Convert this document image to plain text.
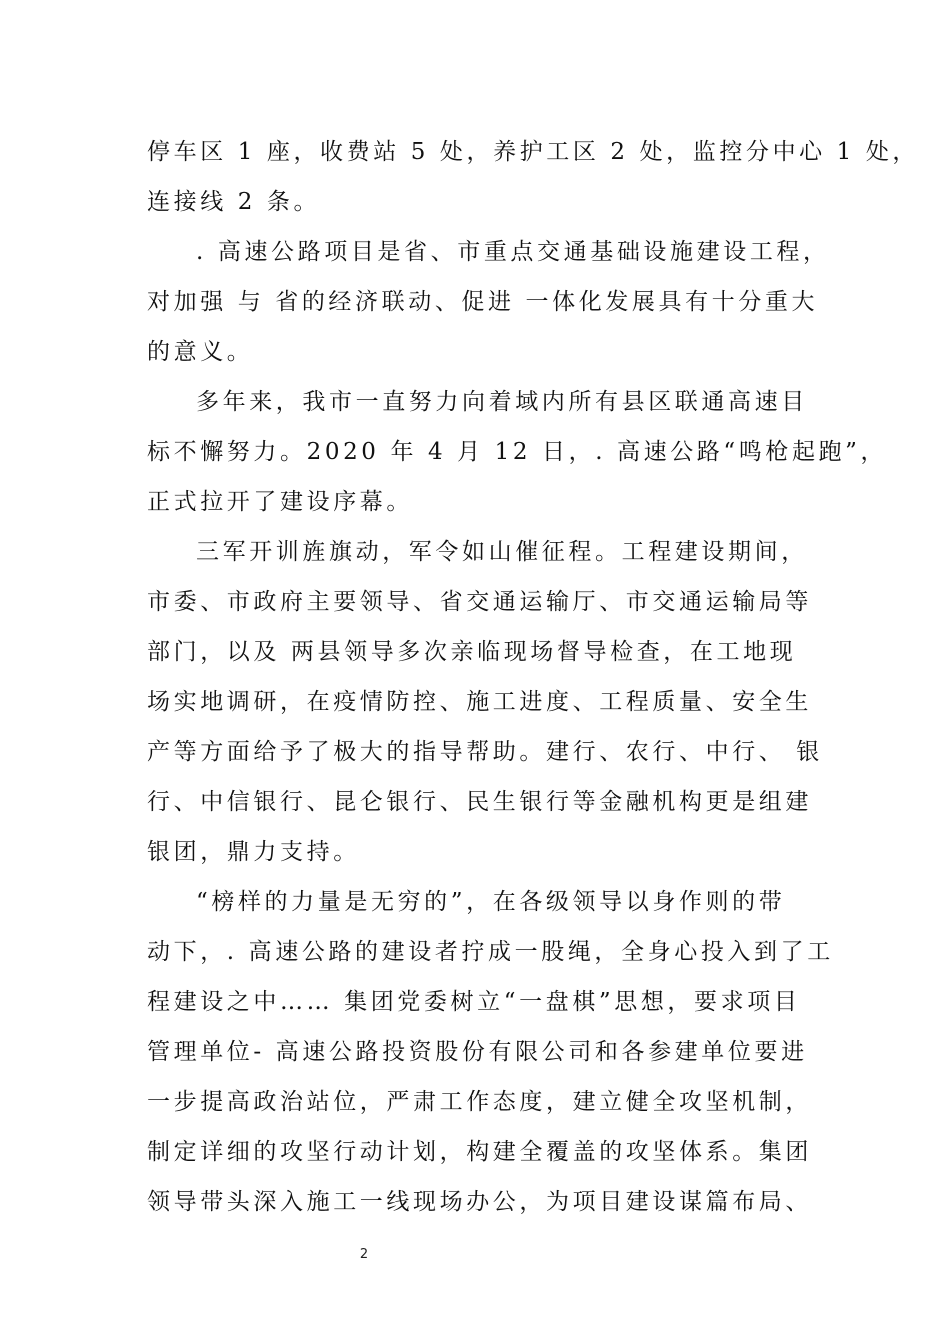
停车区 1 座，收费站 5 处，养护工区 2 处，监控分中心 1 处，
连接线 2 条。
. 高速公路项目是省、市重点交通基础设施建设工程，
对加强 与 省的经济联动、促进 一体化发展具有十分重大
的意义。
多年来，我市一直努力向着域内所有县区联通高速目
标不懈努力。2020 年 4 月 12 日，. 高速公路“鸣枪起跑”，
正式拉开了建设序幕。
三军开训旌旗动，军令如山催征程。工程建设期间，
市委、市政府主要领导、省交通运输厅、市交通运输局等
部门，以及 两县领导多次亲临现场督导检查，在工地现
场实地调研，在疫情防控、施工进度、工程质量、安全生
产等方面给予了极大的指导帮助。建行、农行、中行、 银
行、中信银行、昆仑银行、民生银行等金融机构更是组建
银团，鼎力支持。
“榜样的力量是无穷的”，在各级领导以身作则的带
动下，. 高速公路的建设者拧成一股绳，全身心投入到了工
程建设之中…… 集团党委树立“一盘棋”思想，要求项目
管理单位- 高速公路投资股份有限公司和各参建单位要进
一步提高政治站位，严肃工作态度，建立健全攻坚机制，
制定详细的攻坚行动计划，构建全覆盖的攻坚体系。集团
领导带头深入施工一线现场办公，为项目建设谋篇布局、
2
